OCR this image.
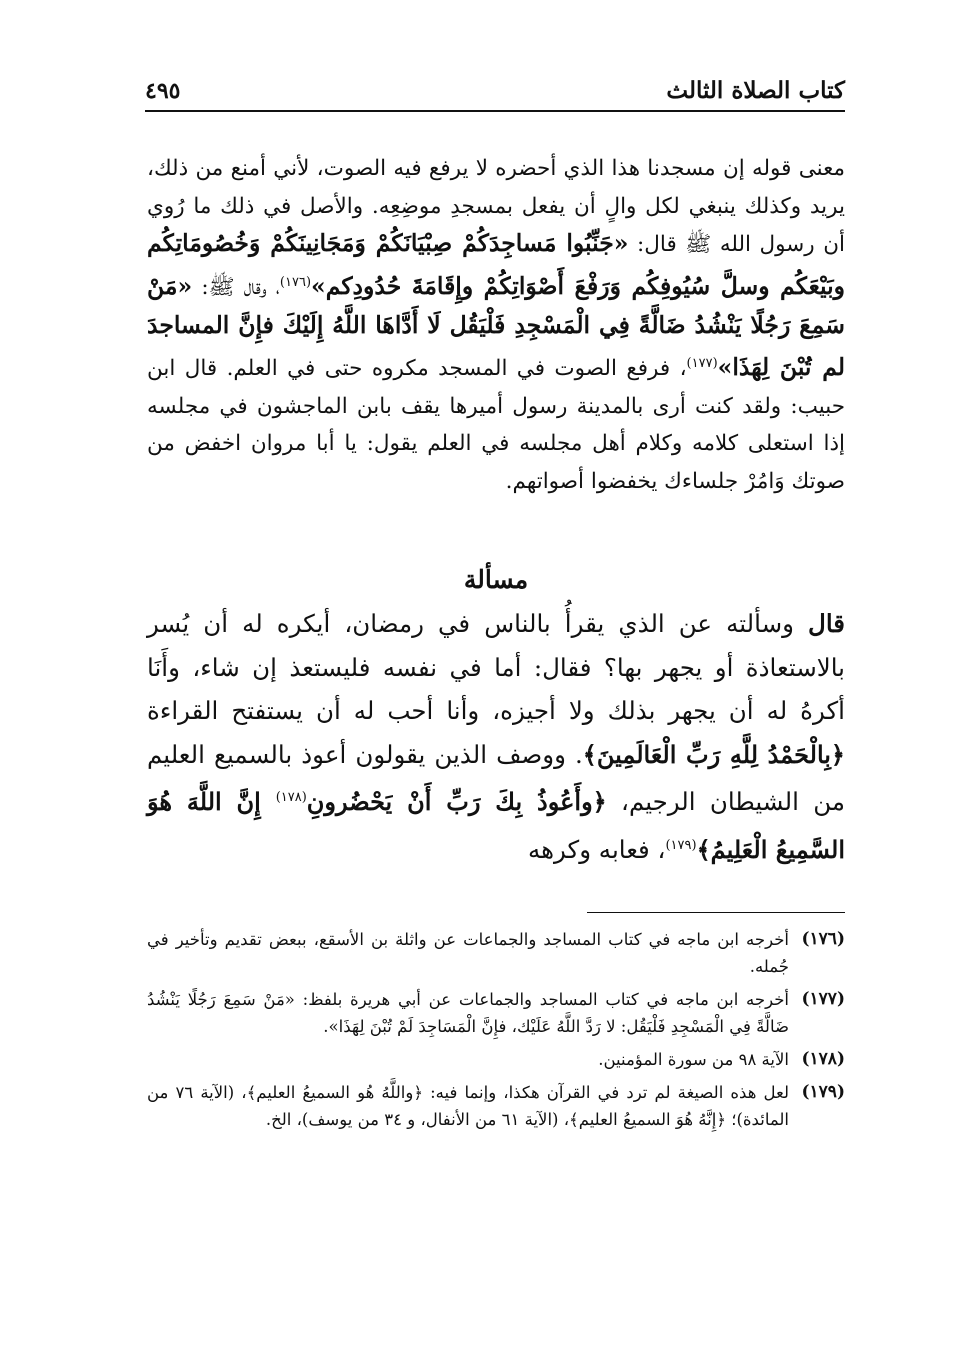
كتاب الصلاة الثالث
٤٩٥

معنى قوله إن مسجدنا هذا الذي أحضره لا يرفع فيه الصوت، لأني أمنع من ذلك، يريد وكذلك ينبغي لكل والٍ أن يفعل بمسجدِ موضِعِه. والأصل في ذلك ما رُوي أن رسول الله ﷺ قال: «جَنِّبُوا مَساجِدَكُمْ صِبْيَانَكُمْ وَمَجَانِينَكُمْ وَخُصُومَاتِكُم وبَيْعَكُم وسلَّ سُيُوفِكُم وَرَفْعَ أَصْوَاتِكُمْ وإِقَامَةَ حُدُودِكم»$^{(١٧٦)}$، وقال ﷺ: «مَنْ سَمِعَ رَجُلًا يَنْشُدُ ضَالَّةً فِي الْمَسْجِدِ فَلْيَقُل لَا أَدَّاهَا اللَّهُ إِلَيْكَ فإِنَّ المساجدَ لم تُبْنَ لِهَذَا»$^{(١٧٧)}$، فرفع الصوت في المسجد مكروه حتى في العلم. قال ابن حبيب: ولقد كنت أرى بالمدينة رسول أميرها يقف بابن الماجشون في مجلسه إذا استعلى كلامه وكلام أهل مجلسه في العلم يقول: يا أبا مروان اخفض من صوتك وَامُرْ جلساءك يخفضوا أصواتهم.

مسألة

قال وسألته عن الذي يقرأُ بالناس في رمضان، أيكره له أن يُسر بالاستعاذة أو يجهر بها؟ فقال: أما في نفسه فليستعذ إن شاء، وأَنَا أكرهُ له أن يجهر بذلك ولا أجيزه، وأنا أحب له أن يستفتح القراءة ﴿بِالْحَمْدُ لِلَّهِ رَبِّ الْعَالَمِينَ﴾. ووصف الذين يقولون أعوذ بالسميع العليم من الشيطان الرجيم، ﴿وأَعُوذُ بِكَ رَبِّ أَنْ يَحْضُرونِ$^{(١٧٨)}$ إِنَّ اللَّهَ هُوَ السَّمِيعُ الْعَلِيمُ﴾$^{(١٧٩)}$، فعابه وكرهه

(١٧٦)
أخرجه ابن ماجه في كتاب المساجد والجماعات عن واثلة بن الأسقع، ببعض تقديم وتأخير في جُمله.
(١٧٧)
أخرجه ابن ماجه في كتاب المساجد والجماعات عن أبي هريرة بلفظ: «مَنْ سَمِعَ رَجُلًا يَنْشُدُ ضَالَّةً فِي الْمَسْجِدِ فَلْيَقُل: لا رَدَّ اللَّهُ عَلَيْك، فإِنَّ الْمَسَاجِدَ لَمْ تُبْنَ لِهَذَا».
(١٧٨)
الآية ٩٨ من سورة المؤمنين.
(١٧٩)
لعل هذه الصيغة لم ترد في القرآن هكذا، وإنما فيه: ﴿واللَّهُ هُو السميعُ العليم﴾، (الآية ٧٦ من المائدة)؛ ﴿إِنَّهُ هُوَ السميعُ العليم﴾، (الآية ٦١ من الأنفال، و ٣٤ من يوسف)، الخ.
